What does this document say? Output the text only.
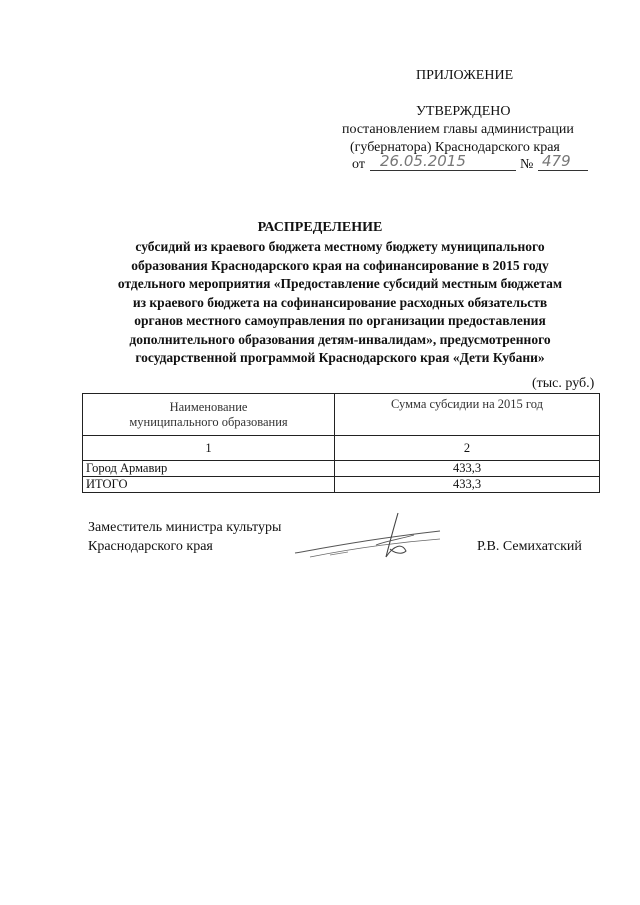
ПРИЛОЖЕНИЕ
УТВЕРЖДЕНО
постановлением главы администрации
(губернатора) Краснодарского края
от 26.05.2015	№ 479
РАСПРЕДЕЛЕНИЕ
субсидий из краевого бюджета местному бюджету муниципального
образования Краснодарского края на софинансирование в 2015 году
отдельного мероприятия «Предоставление субсидий местным бюджетам
из краевого бюджета на софинансирование расходных обязательств
органов местного самоуправления по организации предоставления
дополнительного образования детям-инвалидам», предусмотренного
государственной программой Краснодарского края «Дети Кубани»
(тыс. руб.)
Наименование
муниципального образования	Сумма субсидии на 2015 год
1	2
Город Армавир	433,3
ИТОГО	433,3
Заместитель министра культуры
Краснодарского края	Р.В. Семихатский
